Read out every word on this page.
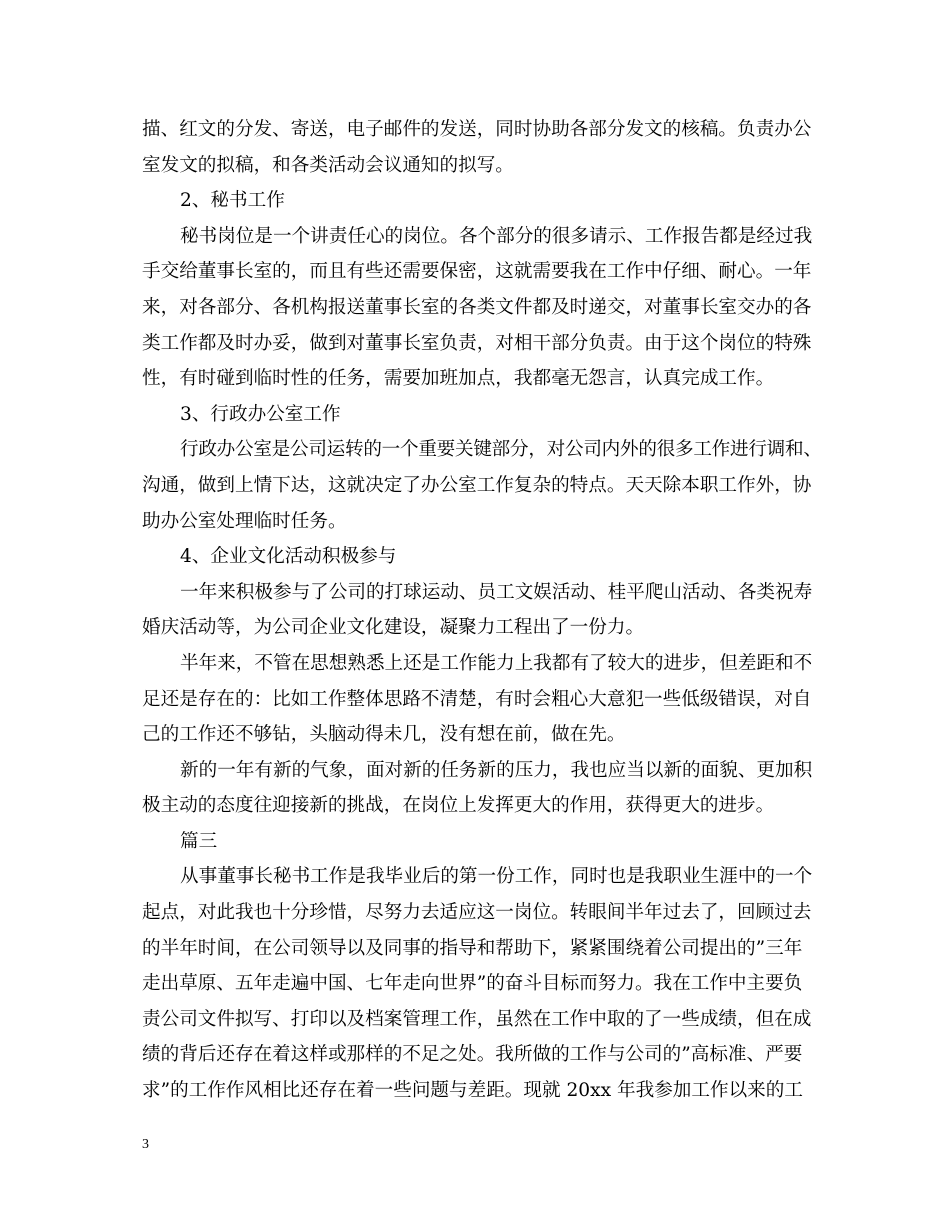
描、红文的分发、寄送，电子邮件的发送，同时协助各部分发文的核稿。负责办公
室发文的拟稿，和各类活动会议通知的拟写。
2、秘书工作
秘书岗位是一个讲责任心的岗位。各个部分的很多请示、工作报告都是经过我
手交给董事长室的，而且有些还需要保密，这就需要我在工作中仔细、耐心。一年
来，对各部分、各机构报送董事长室的各类文件都及时递交，对董事长室交办的各
类工作都及时办妥，做到对董事长室负责，对相干部分负责。由于这个岗位的特殊
性，有时碰到临时性的任务，需要加班加点，我都毫无怨言，认真完成工作。
3、行政办公室工作
行政办公室是公司运转的一个重要关键部分，对公司内外的很多工作进行调和、
沟通，做到上情下达，这就决定了办公室工作复杂的特点。天天除本职工作外，协
助办公室处理临时任务。
4、企业文化活动积极参与
一年来积极参与了公司的打球运动、员工文娱活动、桂平爬山活动、各类祝寿
婚庆活动等，为公司企业文化建设，凝聚力工程出了一份力。
半年来，不管在思想熟悉上还是工作能力上我都有了较大的进步，但差距和不
足还是存在的：比如工作整体思路不清楚，有时会粗心大意犯一些低级错误，对自
己的工作还不够钻，头脑动得未几，没有想在前，做在先。
新的一年有新的气象，面对新的任务新的压力，我也应当以新的面貌、更加积
极主动的态度往迎接新的挑战，在岗位上发挥更大的作用，获得更大的进步。
篇三
从事董事长秘书工作是我毕业后的第一份工作，同时也是我职业生涯中的一个
起点，对此我也十分珍惜，尽努力去适应这一岗位。转眼间半年过去了，回顾过去
的半年时间，在公司领导以及同事的指导和帮助下，紧紧围绕着公司提出的”三年
走出草原、五年走遍中国、七年走向世界”的奋斗目标而努力。我在工作中主要负
责公司文件拟写、打印以及档案管理工作，虽然在工作中取的了一些成绩，但在成
绩的背后还存在着这样或那样的不足之处。我所做的工作与公司的”高标准、严要
求”的工作作风相比还存在着一些问题与差距。现就 20xx 年我参加工作以来的工
3
